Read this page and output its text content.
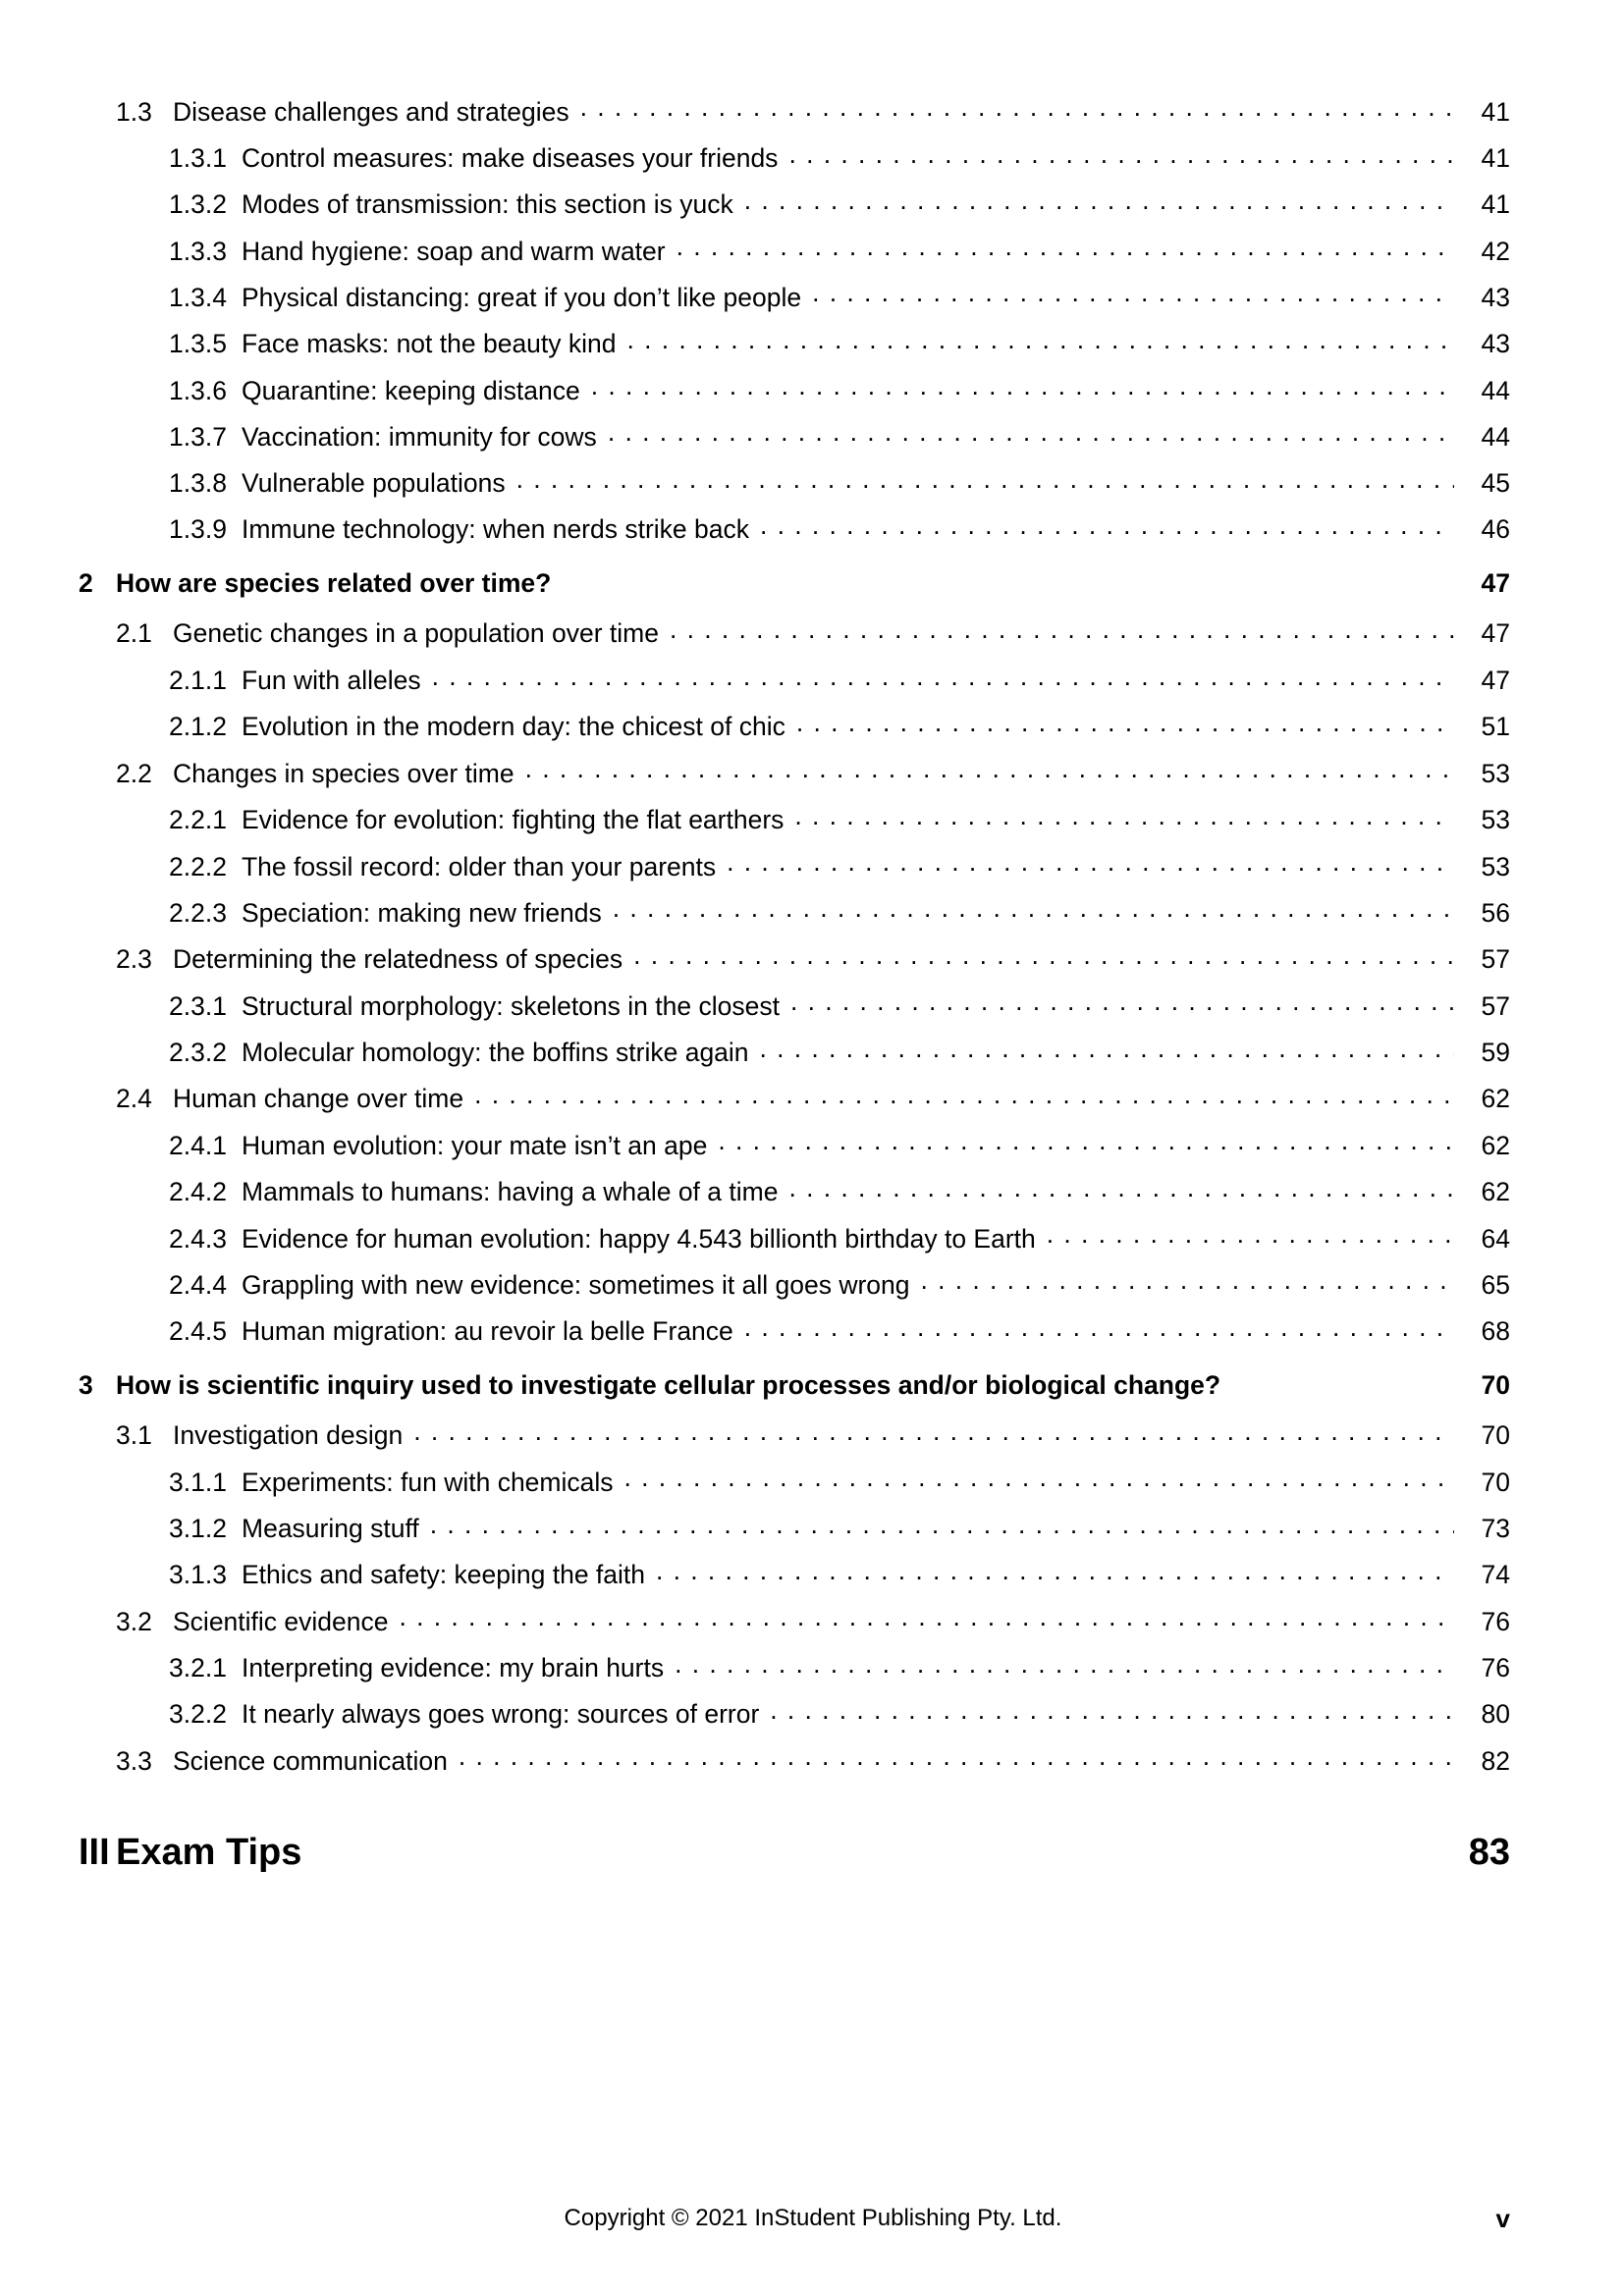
1.3 Disease challenges and strategies . . .	41
1.3.1 Control measures: make diseases your friends . . .	41
1.3.2 Modes of transmission: this section is yuck . . .	41
1.3.3 Hand hygiene: soap and warm water . . .	42
1.3.4 Physical distancing: great if you don’t like people . . .	43
1.3.5 Face masks: not the beauty kind . . .	43
1.3.6 Quarantine: keeping distance . . .	44
1.3.7 Vaccination: immunity for cows . . .	44
1.3.8 Vulnerable populations . . .	45
1.3.9 Immune technology: when nerds strike back . . .	46
2 How are species related over time?	47
2.1 Genetic changes in a population over time . . .	47
2.1.1 Fun with alleles . . .	47
2.1.2 Evolution in the modern day: the chicest of chic . . .	51
2.2 Changes in species over time . . .	53
2.2.1 Evidence for evolution: fighting the flat earthers . . .	53
2.2.2 The fossil record: older than your parents . . .	53
2.2.3 Speciation: making new friends . . .	56
2.3 Determining the relatedness of species . . .	57
2.3.1 Structural morphology: skeletons in the closest . . .	57
2.3.2 Molecular homology: the boffins strike again . . .	59
2.4 Human change over time . . .	62
2.4.1 Human evolution: your mate isn’t an ape . . .	62
2.4.2 Mammals to humans: having a whale of a time . . .	62
2.4.3 Evidence for human evolution: happy 4.543 billionth birthday to Earth . . .	64
2.4.4 Grappling with new evidence: sometimes it all goes wrong . . .	65
2.4.5 Human migration: au revoir la belle France . . .	68
3 How is scientific inquiry used to investigate cellular processes and/or biological change?	70
3.1 Investigation design . . .	70
3.1.1 Experiments: fun with chemicals . . .	70
3.1.2 Measuring stuff . . .	73
3.1.3 Ethics and safety: keeping the faith . . .	74
3.2 Scientific evidence . . .	76
3.2.1 Interpreting evidence: my brain hurts . . .	76
3.2.2 It nearly always goes wrong: sources of error . . .	80
3.3 Science communication . . .	82
III Exam Tips	83
Copyright © 2021 InStudent Publishing Pty. Ltd.	v
